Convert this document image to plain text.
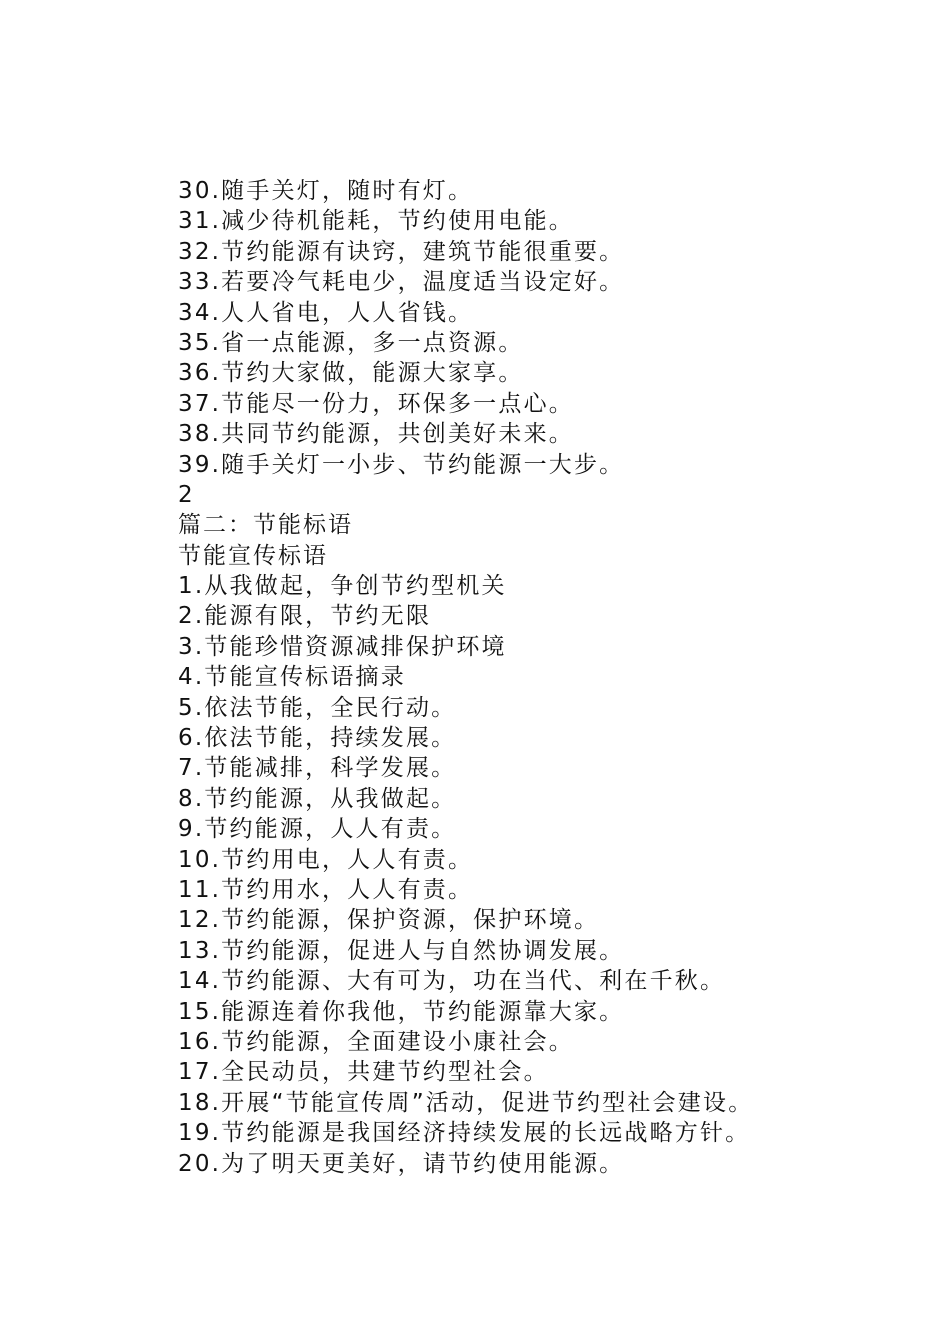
30.随手关灯，随时有灯。
31.减少待机能耗，节约使用电能。
32.节约能源有诀窍，建筑节能很重要。
33.若要冷气耗电少，温度适当设定好。
34.人人省电，人人省钱。
35.省一点能源，多一点资源。
36.节约大家做，能源大家享。
37.节能尽一份力，环保多一点心。
38.共同节约能源，共创美好未来。
39.随手关灯一小步、节约能源一大步。
2
篇二：节能标语
节能宣传标语
1.从我做起，争创节约型机关
2.能源有限，节约无限
3.节能珍惜资源减排保护环境
4.节能宣传标语摘录
5.依法节能，全民行动。
6.依法节能，持续发展。
7.节能减排，科学发展。
8.节约能源，从我做起。
9.节约能源，人人有责。
10.节约用电，人人有责。
11.节约用水，人人有责。
12.节约能源，保护资源，保护环境。
13.节约能源，促进人与自然协调发展。
14.节约能源、大有可为，功在当代、利在千秋。
15.能源连着你我他，节约能源靠大家。
16.节约能源，全面建设小康社会。
17.全民动员，共建节约型社会。
18.开展“节能宣传周”活动，促进节约型社会建设。
19.节约能源是我国经济持续发展的长远战略方针。
20.为了明天更美好，请节约使用能源。
